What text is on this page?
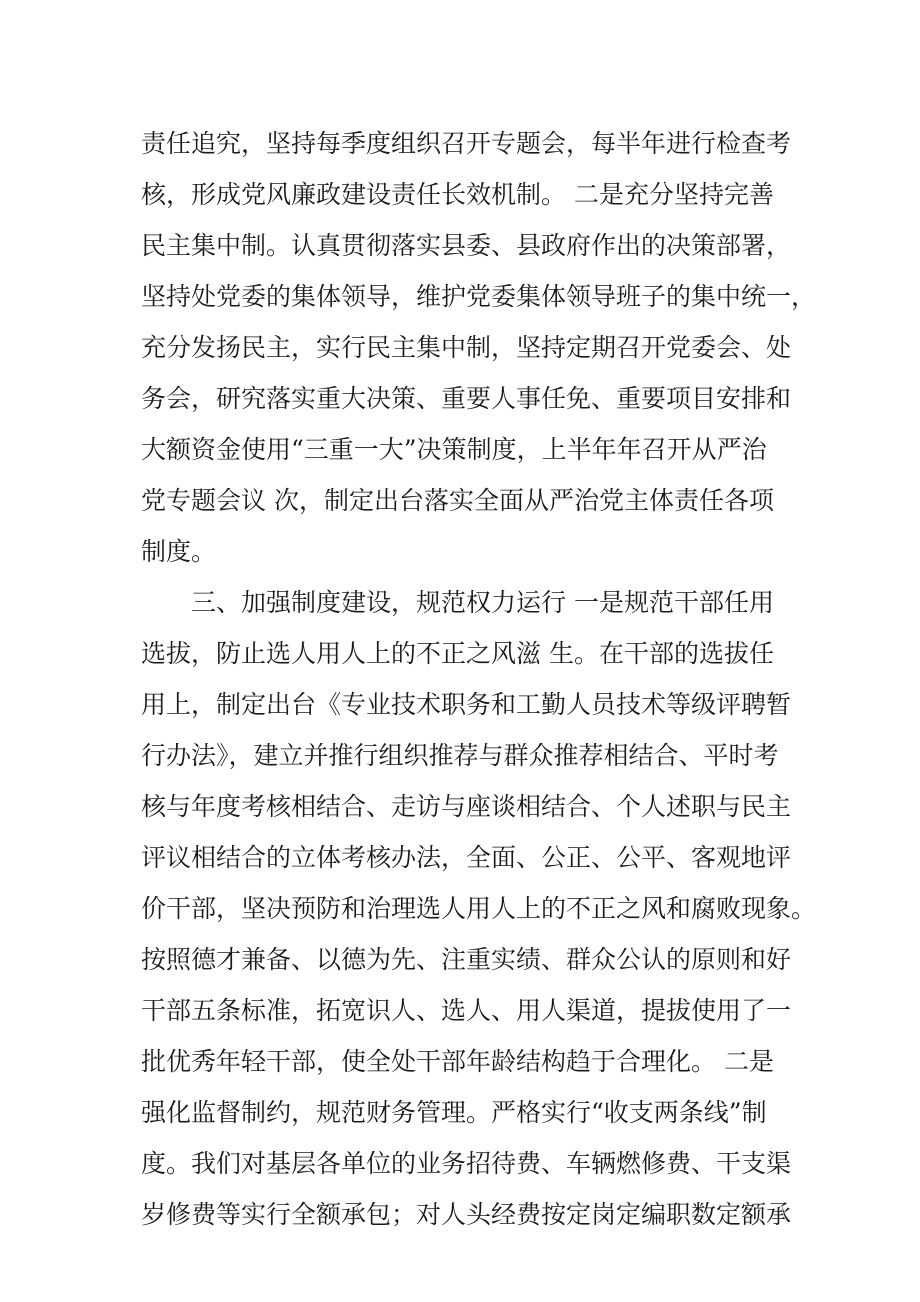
责任追究，坚持每季度组织召开专题会，每半年进行检查考
核，形成党风廉政建设责任长效机制。 二是充分坚持完善
民主集中制。认真贯彻落实县委、县政府作出的决策部署，
坚持处党委的集体领导，维护党委集体领导班子的集中统一，
充分发扬民主，实行民主集中制，坚持定期召开党委会、处
务会，研究落实重大决策、重要人事任免、重要项目安排和
大额资金使用“三重一大”决策制度，上半年年召开从严治
党专题会议 次，制定出台落实全面从严治党主体责任各项
制度。
三、加强制度建设，规范权力运行 一是规范干部任用
选拔，防止选人用人上的不正之风滋 生。在干部的选拔任
用上，制定出台《专业技术职务和工勤人员技术等级评聘暂
行办法》，建立并推行组织推荐与群众推荐相结合、平时考
核与年度考核相结合、走访与座谈相结合、个人述职与民主
评议相结合的立体考核办法，全面、公正、公平、客观地评
价干部，坚决预防和治理选人用人上的不正之风和腐败现象。
按照德才兼备、以德为先、注重实绩、群众公认的原则和好
干部五条标准，拓宽识人、选人、用人渠道，提拔使用了一
批优秀年轻干部，使全处干部年龄结构趋于合理化。 二是
强化监督制约，规范财务管理。严格实行“收支两条线”制
度。我们对基层各单位的业务招待费、车辆燃修费、干支渠
岁修费等实行全额承包；对人头经费按定岗定编职数定额承
